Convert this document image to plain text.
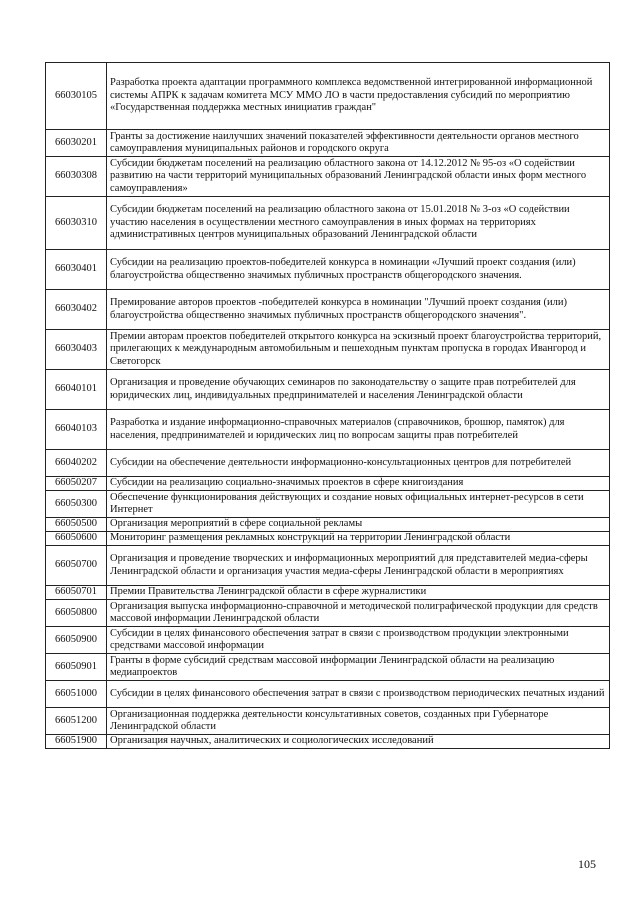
66030105	Разработка проекта адаптации программного комплекса ведомственной интегрированной информационной системы АПРК к задачам комитета МСУ ММО ЛО в части предоставления субсидий по мероприятию «Государственная поддержка местных инициатив граждан"
66030201	Гранты за достижение наилучших значений показателей эффективности деятельности органов местного самоуправления муниципальных районов и городского округа
66030308	Субсидии бюджетам поселений на реализацию областного закона от 14.12.2012 № 95-оз «О содействии развитию на части территорий муниципальных образований Ленинградской области иных форм местного самоуправления»
66030310	Субсидии бюджетам поселений на реализацию областного закона от 15.01.2018 № 3-оз «О содействии участию населения в осуществлении местного самоуправления в иных формах на территориях административных центров муниципальных образований Ленинградской области
66030401	Субсидии на реализацию проектов-победителей конкурса в номинации «Лучший проект создания (или) благоустройства общественно значимых публичных пространств общегородского значения.
66030402	Премирование авторов проектов -победителей конкурса в номинации "Лучший проект создания (или) благоустройства общественно значимых публичных пространств общегородского значения".
66030403	Премии авторам проектов победителей открытого конкурса на эскизный проект благоустройства территорий, прилегающих к международным автомобильным и пешеходным пунктам пропуска в городах Ивангород и Светогорск
66040101	Организация и проведение обучающих семинаров по законодательству о защите прав потребителей для юридических лиц, индивидуальных предпринимателей и населения Ленинградской области
66040103	Разработка и издание информационно-справочных материалов (справочников, брошюр, памяток) для населения, предпринимателей и юридических лиц по вопросам защиты прав потребителей
66040202	Субсидии на обеспечение деятельности информационно-консультационных центров для потребителей
66050207	Субсидии на реализацию социально-значимых проектов в сфере книгоиздания
66050300	Обеспечение функционирования действующих и создание новых официальных интернет-ресурсов в сети Интернет
66050500	Организация мероприятий в сфере социальной рекламы
66050600	Мониторинг размещения рекламных конструкций на территории Ленинградской области
66050700	Организация и проведение творческих и информационных мероприятий для представителей медиа-сферы Ленинградской области и организация участия медиа-сферы Ленинградской области в мероприятиях
66050701	Премии Правительства Ленинградской области в сфере журналистики
66050800	Организация выпуска информационно-справочной и методической полиграфической продукции для средств массовой информации Ленинградской области
66050900	Субсидии в целях финансового обеспечения затрат в связи с производством продукции электронными средствами массовой информации
66050901	Гранты в форме субсидий средствам массовой информации Ленинградской области на реализацию медиапроектов
66051000	Субсидии в целях финансового обеспечения затрат в связи с производством периодических печатных изданий
66051200	Организационная поддержка деятельности консультативных советов, созданных при Губернаторе Ленинградской области
66051900	Организация научных, аналитических и социологических исследований
105
